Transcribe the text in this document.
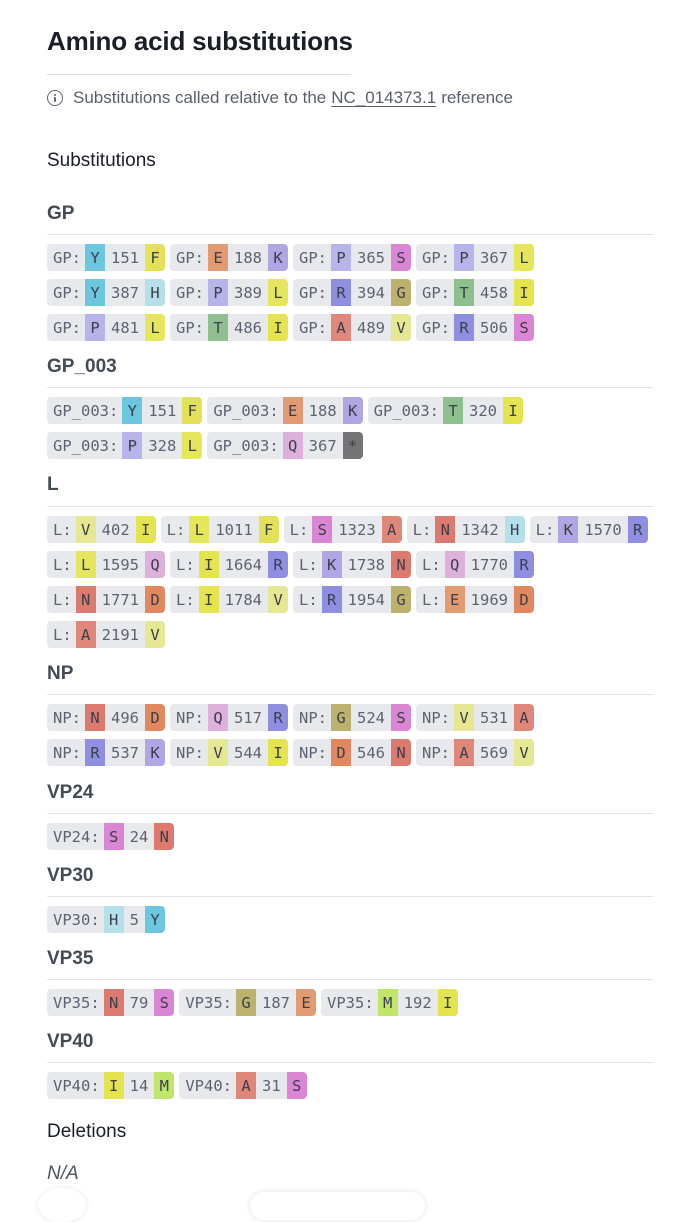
Amino acid substitutions
Substitutions called relative to the NC_014373.1 reference
Substitutions
GP
GP: Y 151 F	GP: E 188 K	GP: P 365 S	GP: P 367 L
GP: Y 387 H	GP: P 389 L	GP: R 394 G	GP: T 458 I
GP: P 481 L	GP: T 486 I	GP: A 489 V	GP: R 506 S
GP_003
GP_003: Y 151 F	GP_003: E 188 K	GP_003: T 320 I
GP_003: P 328 L	GP_003: Q 367 *
L
L: V 402 I	L: L 1011 F	L: S 1323 A	L: N 1342 H	L: K 1570 R
L: L 1595 Q	L: I 1664 R	L: K 1738 N	L: Q 1770 R
L: N 1771 D	L: I 1784 V	L: R 1954 G	L: E 1969 D
L: A 2191 V
NP
NP: N 496 D	NP: Q 517 R	NP: G 524 S	NP: V 531 A
NP: R 537 K	NP: V 544 I	NP: D 546 N	NP: A 569 V
VP24
VP24: S 24 N
VP30
VP30: H 5 Y
VP35
VP35: N 79 S	VP35: G 187 E	VP35: M 192 I
VP40
VP40: I 14 M	VP40: A 31 S
Deletions
N/A
